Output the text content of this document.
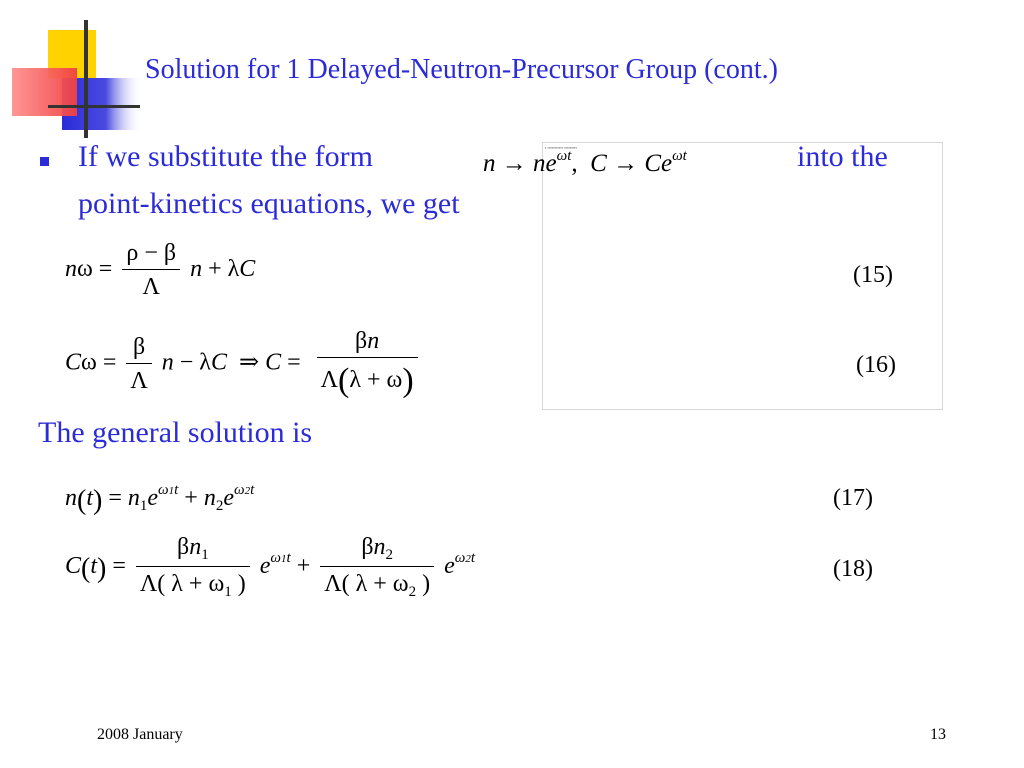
Solution for 1 Delayed-Neutron-Precursor Group (cont.)
If we substitute the form	▪ ▪▪▪▪▪▪▪▪▪▪▪ ▪▪▪▪▪▪▪▪▪
$n \to ne^{\omega t}$,  $C \to Ce^{\omega t}$	into the
point-kinetics equations, we get
$n\omega = \frac{\rho - \beta}{\Lambda}$ n + λC	(15)
$C\omega = \frac{\beta}{\Lambda}$ n − λC  ⇒ $C = \frac{\beta n}{\Lambda(\lambda + \omega)}$	(16)
The general solution is
$n(t) = n_1e^{\omega 1t} + n_2e^{\omega 2t}$	(17)
$C(t) = \frac{\beta n_1}{\Lambda( \lambda + \omega_1 )} e^{\omega 1t} + \frac{\beta n_2}{\Lambda( \lambda + \omega_2 )} e^{\omega 2t}$	(18)
2008 January	13
